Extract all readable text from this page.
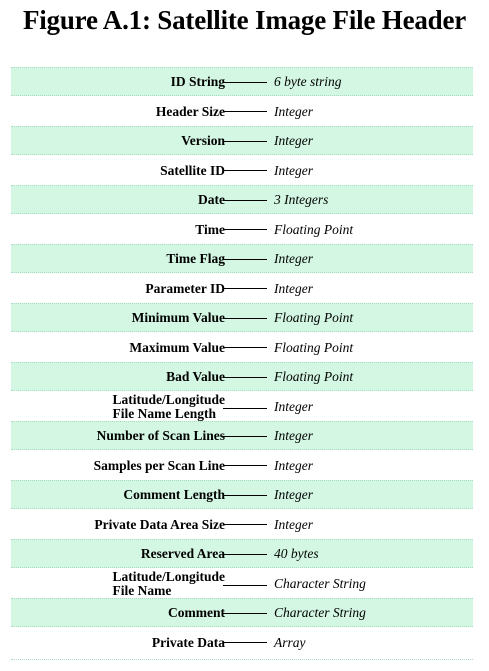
Figure A.1: Satellite Image File Header
ID String	6 byte string
Header Size	Integer
Version	Integer
Satellite ID	Integer
Date	3 Integers
Time	Floating Point
Time Flag	Integer
Parameter ID	Integer
Minimum Value	Floating Point
Maximum Value	Floating Point
Bad Value	Floating Point
Latitude/Longitude
File Name Length	Integer
Number of Scan Lines	Integer
Samples per Scan Line	Integer
Comment Length	Integer
Private Data Area Size	Integer
Reserved Area	40 bytes
Latitude/Longitude
File Name	Character String
Comment	Character String
Private Data	Array
